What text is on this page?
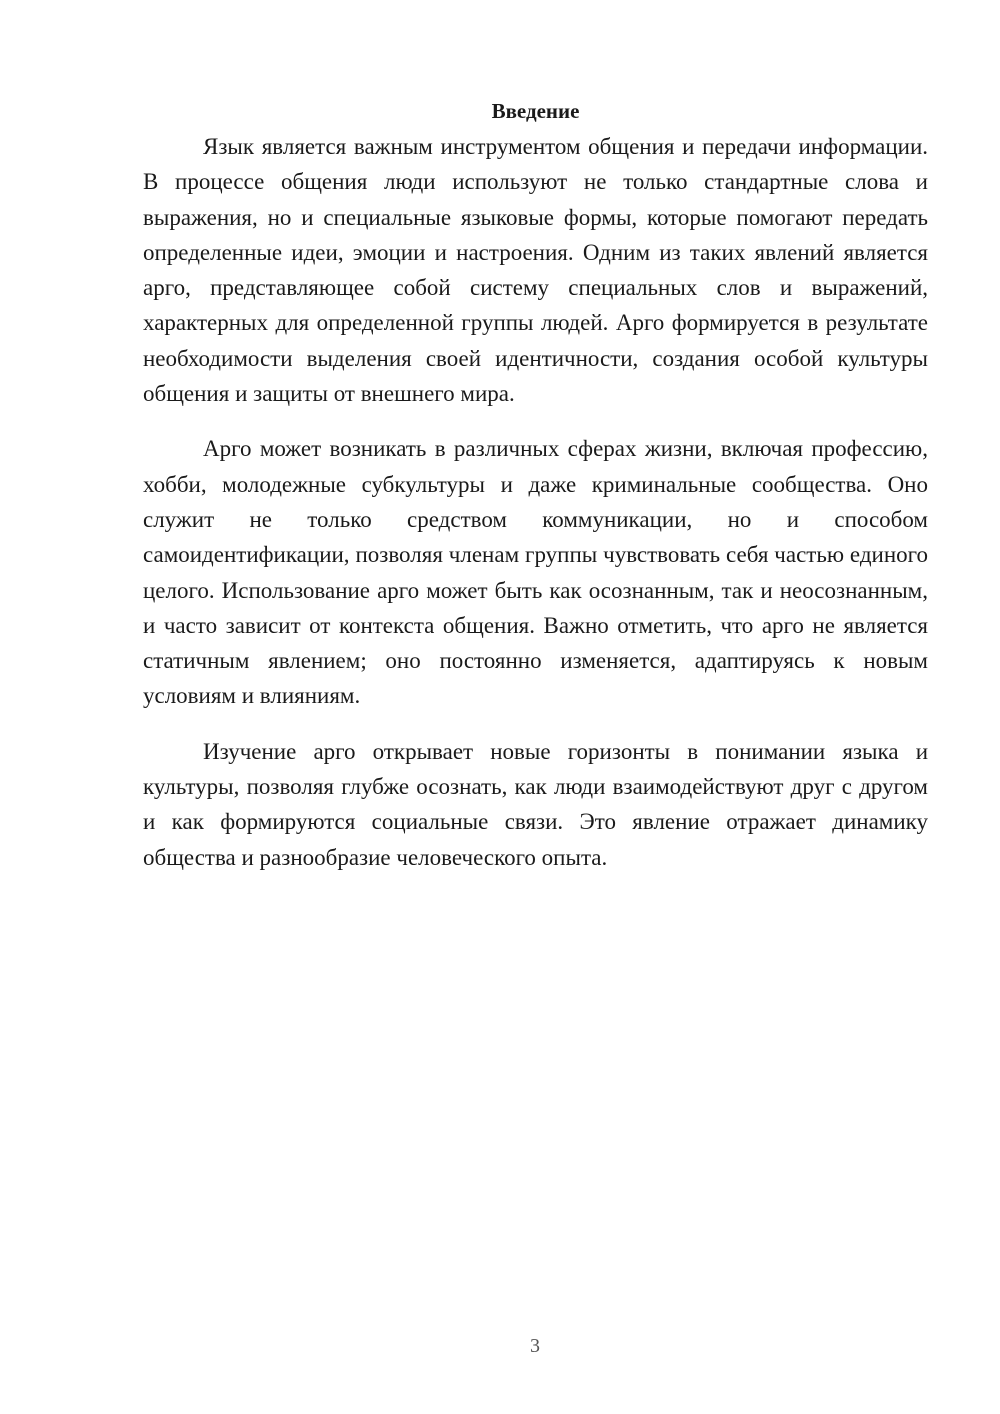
Введение

Язык является важным инструментом общения и передачи информации. В процессе общения люди используют не только стандартные слова и выражения, но и специальные языковые формы, которые помогают передать определенные идеи, эмоции и настроения. Одним из таких явлений является арго, представляющее собой систему специальных слов и выражений, характерных для определенной группы людей. Арго формируется в результате необходимости выделения своей идентичности, создания особой культуры общения и защиты от внешнего мира.

Арго может возникать в различных сферах жизни, включая профессию, хобби, молодежные субкультуры и даже криминальные сообщества. Оно служит не только средством коммуникации, но и способом самоидентификации, позволяя членам группы чувствовать себя частью единого целого. Использование арго может быть как осознанным, так и неосознанным, и часто зависит от контекста общения. Важно отметить, что арго не является статичным явлением; оно постоянно изменяется, адаптируясь к новым условиям и влияниям.

Изучение арго открывает новые горизонты в понимании языка и культуры, позволяя глубже осознать, как люди взаимодействуют друг с другом и как формируются социальные связи. Это явление отражает динамику общества и разнообразие человеческого опыта.

3
